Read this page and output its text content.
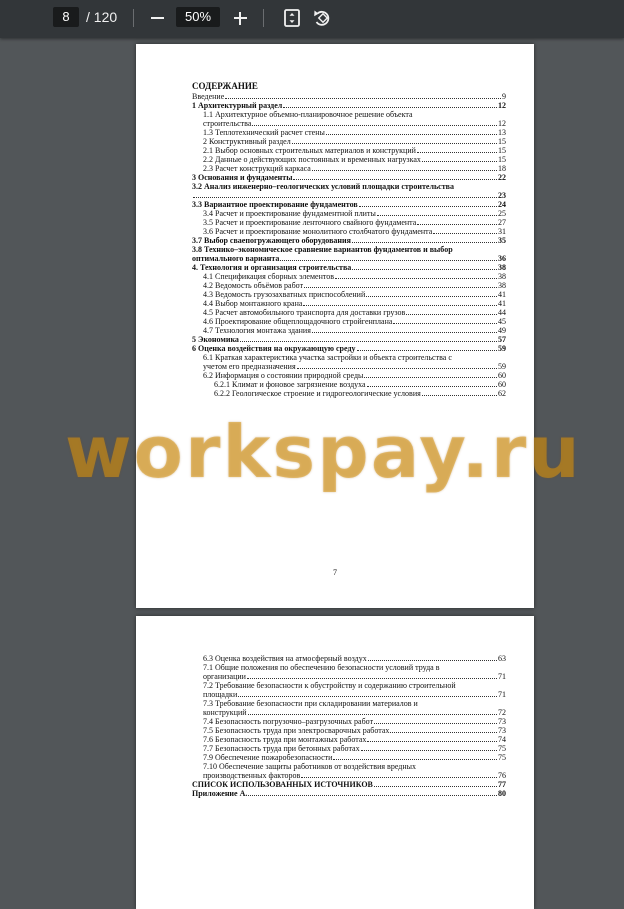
8	/ 120	50%
СОДЕРЖАНИЕ
Введение	9
1 Архитектурный раздел	12
1.1 Архитектурное объемно-планировочное решение объекта
строительства	12
1.3 Теплотехнический расчет стены	13
2 Конструктивный раздел	15
2.1 Выбор основных строительных материалов и конструкций	15
2.2 Данные о действующих постоянных и временных нагрузках	15
2.3 Расчет конструкций каркаса	18
3 Основания и фундаменты	22
3.2 Анализ инженерно–геологических условий площадки строительства
23
3.3 Вариантное проектирование фундаментов	24
3.4 Расчет и проектирование фундаментной плиты	25
3.5 Расчет и проектирование ленточного свайного фундамента	27
3.6 Расчет и проектирование монолитного столбчатого фундамента	31
3.7 Выбор сваепогружающего оборудования	35
3.8 Технико–экономическое сравнение вариантов фундаментов и выбор
оптимального варианта	36
4. Технология и организация строительства	38
4.1 Спецификация сборных элементов	38
4.2 Ведомость объёмов работ	38
4.3 Ведомость грузозахватных приспособлений	41
4.4 Выбор монтажного крана	41
4.5 Расчет автомобильного транспорта для доставки грузов	44
4.6 Проектирование общеплощадочного стройгенплана	45
4.7 Технология монтажа здания	49
5 Экономика	57
6 Оценка воздействия на окружающую среду	59
6.1 Краткая характеристика участка застройки и объекта строительства с
учетом его предназначения	59
6.2 Информация о состоянии природной среды	60
6.2.1 Климат и фоновое загрязнение воздуха	60
6.2.2 Геологическое строение и гидрогеологические условия	62
7
6.3 Оценка воздействия на атмосферный воздух	63
7.1 Общие положения по обеспечению безопасности условий труда в
организации	71
7.2 Требование безопасности к обустройству и содержанию строительной
площадки	71
7.3 Требование безопасности при складировании материалов и
конструкций	72
7.4 Безопасность погрузочно–разгрузочных работ	73
7.5 Безопасность труда при электросварочных работах	73
7.6 Безопасность труда при монтажных работах	74
7.7 Безопасность труда при бетонных работах	75
7.9 Обеспечение пожаробезопасности	75
7.10 Обеспечение защиты работников от воздействия вредных
производственных факторов	76
СПИСОК ИСПОЛЬЗОВАННЫХ ИСТОЧНИКОВ	77
Приложение А.	80
workspay.ru
